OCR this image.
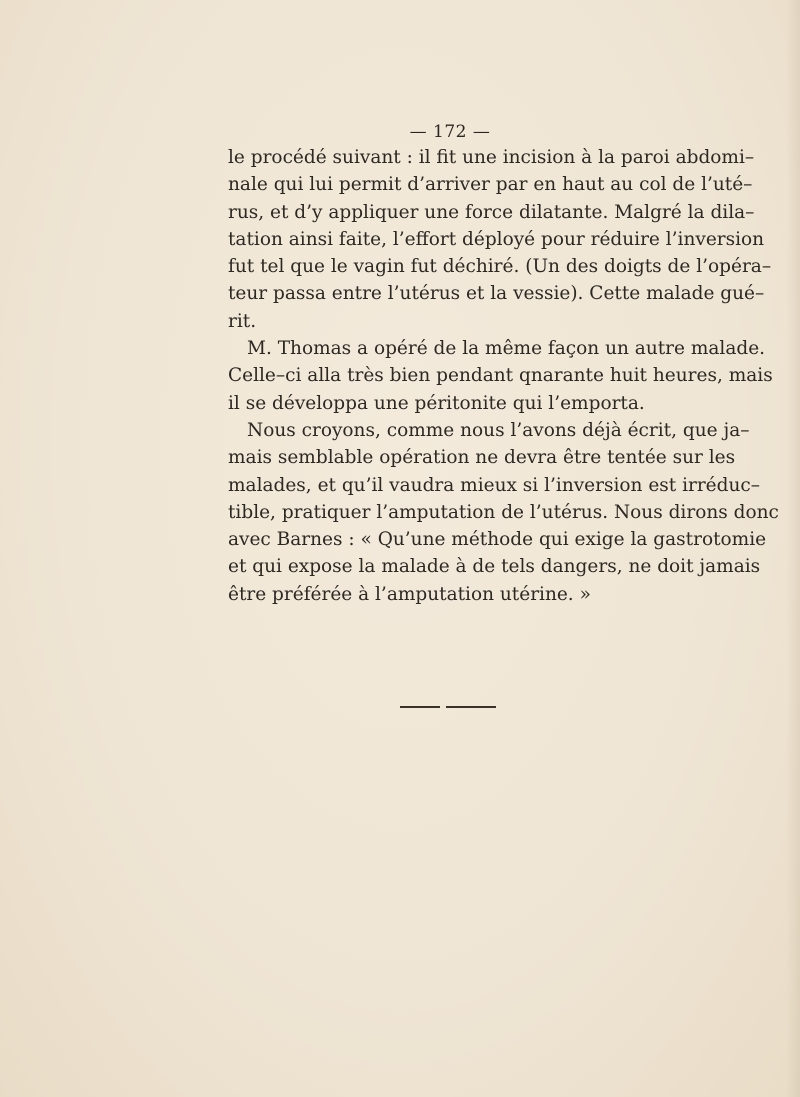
— 172 —
le procédé suivant : il fit une incision à la paroi abdomi–
nale qui lui permit d’arriver par en haut au col de l’uté–
rus, et d’y appliquer une force dilatante. Malgré la dila–
tation ainsi faite, l’effort déployé pour réduire l’inversion
fut tel que le vagin fut déchiré. (Un des doigts de l’opéra–
teur passa entre l’utérus et la vessie). Cette malade gué–
rit.
M. Thomas a opéré de la même façon un autre malade.
Celle–ci alla très bien pendant qnarante huit heures, mais
il se développa une péritonite qui l’emporta.
Nous croyons, comme nous l’avons déjà écrit, que ja–
mais semblable opération ne devra être tentée sur les
malades, et qu’il vaudra mieux si l’inversion est irréduc–
tible, pratiquer l’amputation de l’utérus. Nous dirons donc
avec Barnes : « Qu’une méthode qui exige la gastrotomie
et qui expose la malade à de tels dangers, ne doit jamais
être préférée à l’amputation utérine. »
